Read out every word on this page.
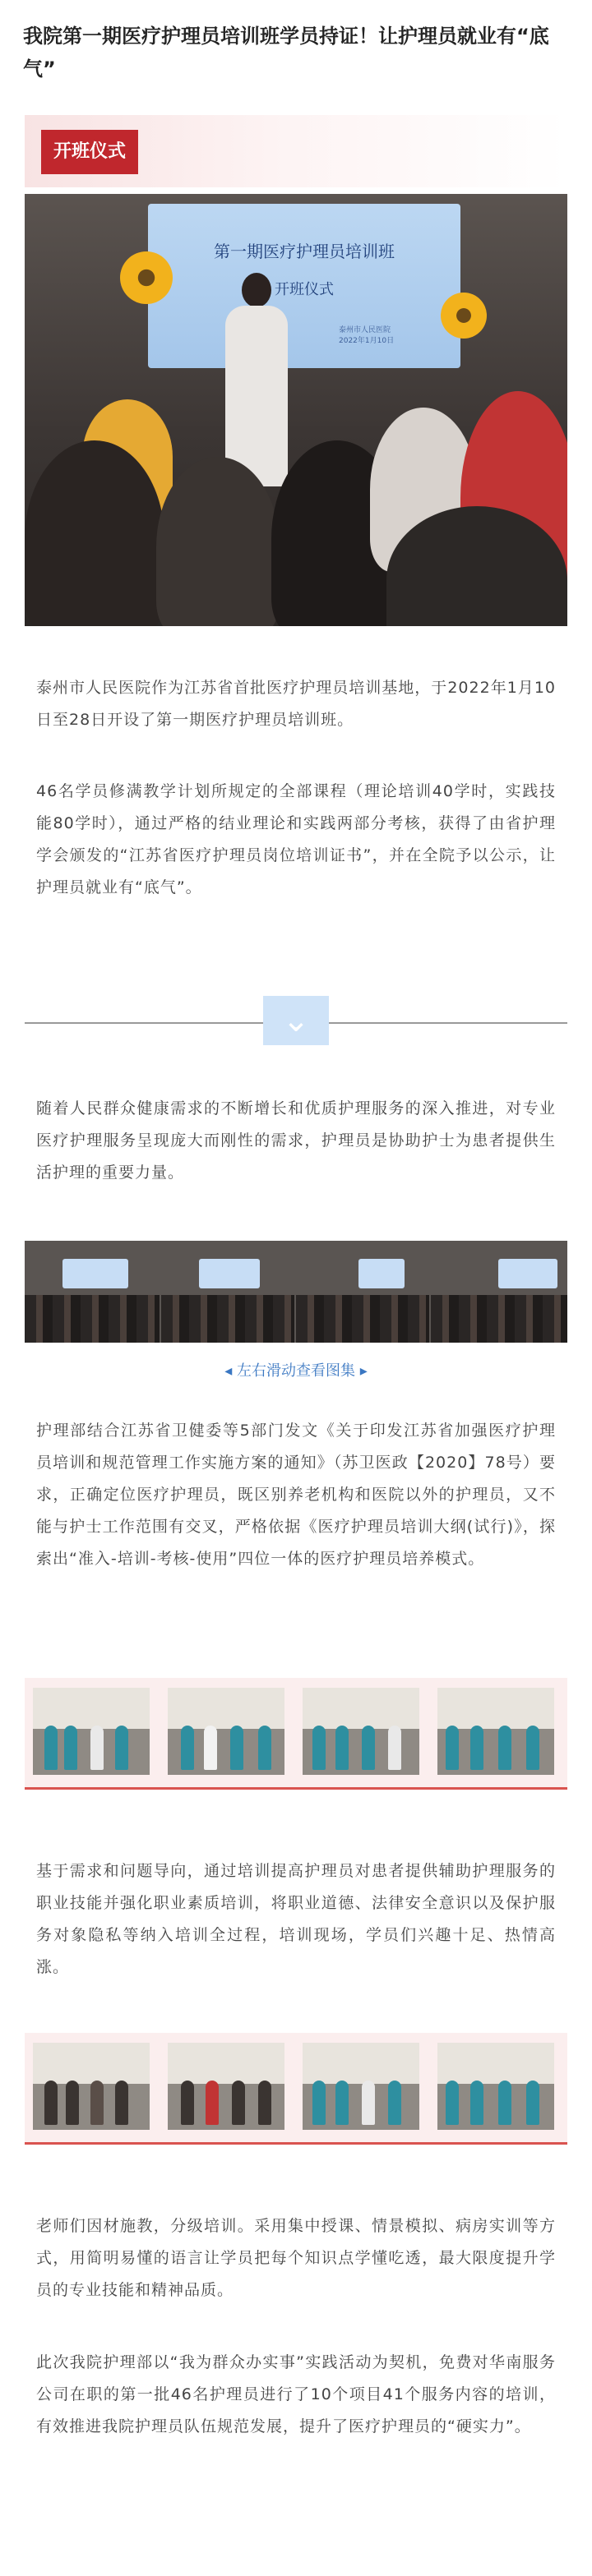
我院第一期医疗护理员培训班学员持证！让护理员就业有“底气”
开班仪式
第一期医疗护理员培训班
开班仪式
泰州市人民医院
2022年1月10日

泰州市人民医院作为江苏省首批医疗护理员培训基地，于2022年1月10日至28日开设了第一期医疗护理员培训班。

46名学员修满教学计划所规定的全部课程（理论培训40学时，实践技能80学时），通过严格的结业理论和实践两部分考核，获得了由省护理学会颁发的“江苏省医疗护理员岗位培训证书”，并在全院予以公示，让护理员就业有“底气”。

⌄

随着人民群众健康需求的不断增长和优质护理服务的深入推进，对专业医疗护理服务呈现庞大而刚性的需求，护理员是协助护士为患者提供生活护理的重要力量。

◂ 左右滑动查看图集 ▸

护理部结合江苏省卫健委等5部门发文《关于印发江苏省加强医疗护理员培训和规范管理工作实施方案的通知》（苏卫医政【2020】78号）要求，正确定位医疗护理员，既区别养老机构和医院以外的护理员，又不能与护士工作范围有交叉，严格依据《医疗护理员培训大纲(试行)》，探索出“准入-培训-考核-使用”四位一体的医疗护理员培养模式。

基于需求和问题导向，通过培训提高护理员对患者提供辅助护理服务的职业技能并强化职业素质培训，将职业道德、法律安全意识以及保护服务对象隐私等纳入培训全过程，培训现场，学员们兴趣十足、热情高涨。

老师们因材施教，分级培训。采用集中授课、情景模拟、病房实训等方式，用简明易懂的语言让学员把每个知识点学懂吃透，最大限度提升学员的专业技能和精神品质。

此次我院护理部以“我为群众办实事”实践活动为契机，免费对华南服务公司在职的第一批46名护理员进行了10个项目41个服务内容的培训，有效推进我院护理员队伍规范发展，提升了医疗护理员的“硬实力”。
